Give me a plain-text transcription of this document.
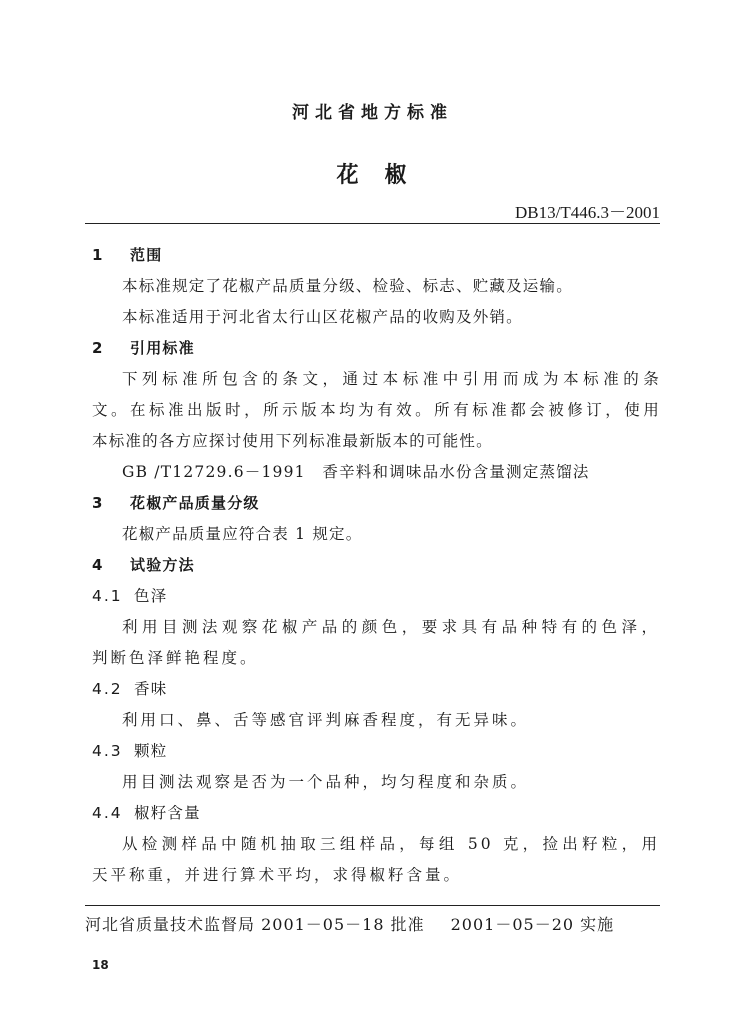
河北省地方标准
花　椒
DB13/T446.3－2001
1 范围
本标准规定了花椒产品质量分级、检验、标志、贮藏及运输。
本标准适用于河北省太行山区花椒产品的收购及外销。
2 引用标准
下列标准所包含的条文，通过本标准中引用而成为本标准的条
文。在标准出版时，所示版本均为有效。所有标准都会被修订，使用
本标准的各方应探讨使用下列标准最新版本的可能性。
GB /T12729.6－1991　香辛料和调味品水份含量测定蒸馏法
3 花椒产品质量分级
花椒产品质量应符合表 1 规定。
4 试验方法
4.1 色泽
利用目测法观察花椒产品的颜色，要求具有品种特有的色泽，
判断色泽鲜艳程度。
4.2 香味
利用口、鼻、舌等感官评判麻香程度，有无异味。
4.3 颗粒
用目测法观察是否为一个品种，均匀程度和杂质。
4.4 椒籽含量
从检测样品中随机抽取三组样品，每组 50 克，捡出籽粒，用
天平称重，并进行算术平均，求得椒籽含量。
河北省质量技术监督局 2001－05－18 批准 2001－05－20 实施
18
